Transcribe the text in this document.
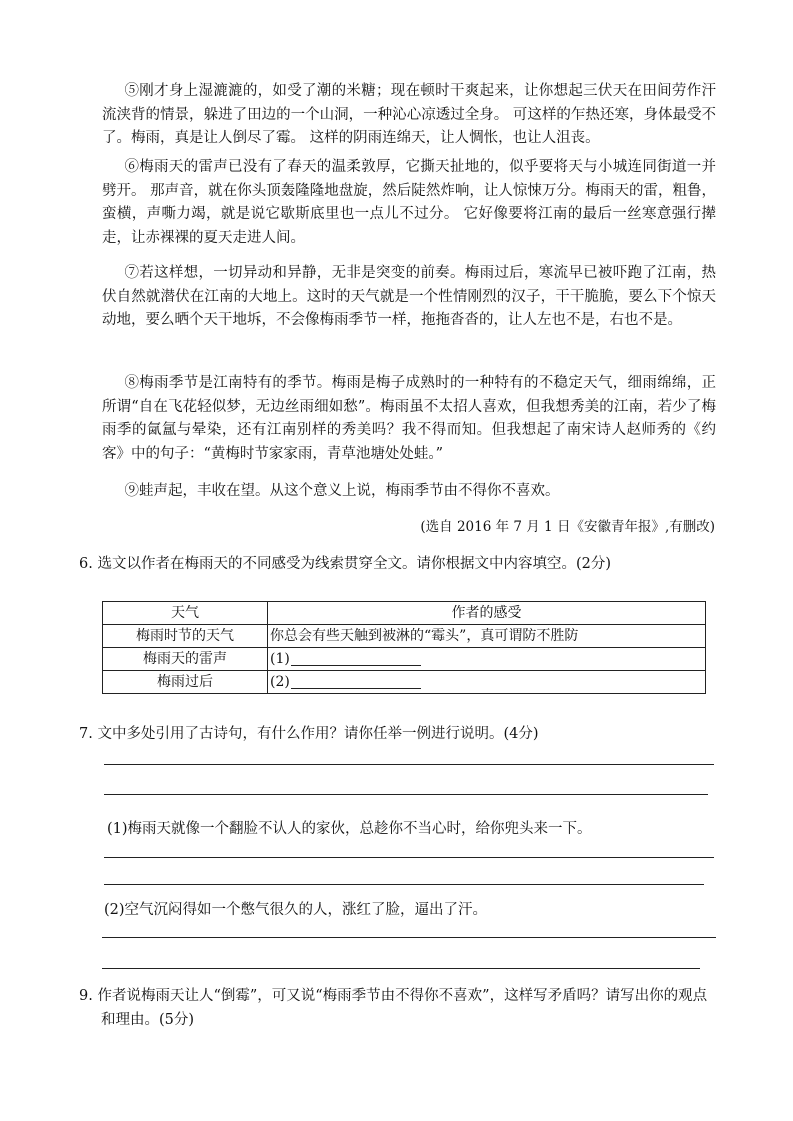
⑤刚才身上湿漉漉的，如受了潮的米糖；现在顿时干爽起来，让你想起三伏天在田间劳作汗流浃背的情景，躲进了田边的一个山洞，一种沁心凉透过全身。 可这样的乍热还寒，身体最受不了。梅雨，真是让人倒尽了霉。 这样的阴雨连绵天，让人惆怅，也让人沮丧。

⑥梅雨天的雷声已没有了春天的温柔敦厚，它撕天扯地的，似乎要将天与小城连同街道一并劈开。 那声音，就在你头顶轰隆隆地盘旋，然后陡然炸响，让人惊悚万分。梅雨天的雷，粗鲁，蛮横，声嘶力竭，就是说它歇斯底里也一点儿不过分。 它好像要将江南的最后一丝寒意强行撵走，让赤裸裸的夏天走进人间。

⑦若这样想，一切异动和异静，无非是突变的前奏。梅雨过后，寒流早已被吓跑了江南，热伏自然就潜伏在江南的大地上。这时的天气就是一个性情刚烈的汉子，干干脆脆，要么下个惊天动地，要么晒个天干地坼，不会像梅雨季节一样，拖拖沓沓的，让人左也不是，右也不是。

⑧梅雨季节是江南特有的季节。梅雨是梅子成熟时的一种特有的不稳定天气，细雨绵绵，正所谓“自在飞花轻似梦，无边丝雨细如愁”。梅雨虽不太招人喜欢，但我想秀美的江南，若少了梅雨季的氤氲与晕染，还有江南别样的秀美吗？我不得而知。但我想起了南宋诗人赵师秀的《约客》中的句子：“黄梅时节家家雨，青草池塘处处蛙。”

⑨蛙声起，丰收在望。从这个意义上说，梅雨季节由不得你不喜欢。

(选自 2016 年 7 月 1 日《安徽青年报》,有删改)

6. 选文以作者在梅雨天的不同感受为线索贯穿全文。请你根据文中内容填空。(2分)

天气	作者的感受
梅雨时节的天气	你总会有些天触到被淋的“霉头”，真可谓防不胜防
梅雨天的雷声	(1)
梅雨过后	(2)

7. 文中多处引用了古诗句，有什么作用？请你任举一例进行说明。(4分)

(1)梅雨天就像一个翻脸不认人的家伙，总趁你不当心时，给你兜头来一下。

(2)空气沉闷得如一个憋气很久的人，涨红了脸，逼出了汗。

9. 作者说梅雨天让人“倒霉”，可又说“梅雨季节由不得你不喜欢”，这样写矛盾吗？请写出你的观点和理由。(5分)
